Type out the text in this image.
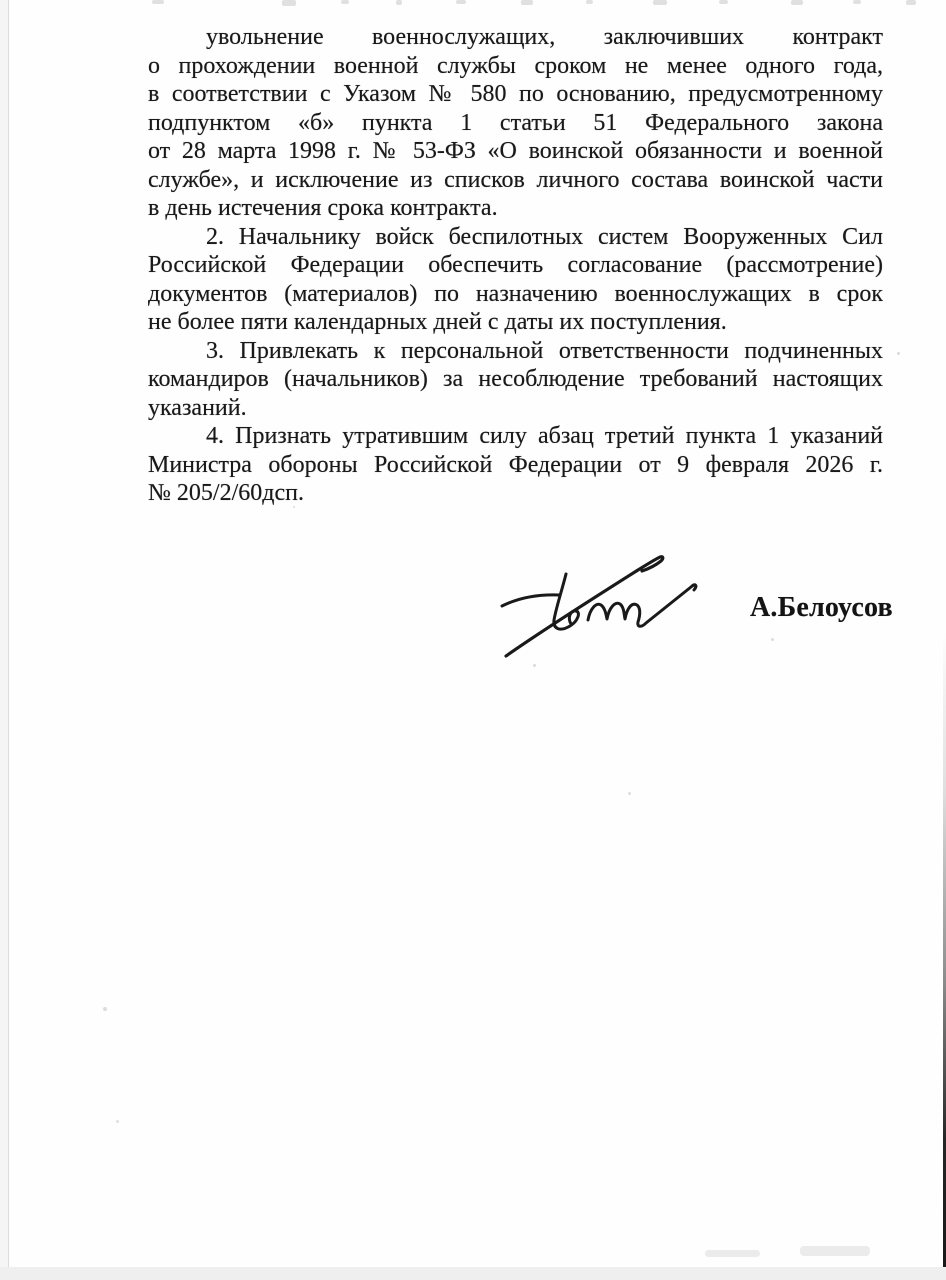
увольнение военнослужащих, заключивших контракт
о прохождении военной службы сроком не менее одного года,
в соответствии с Указом № 580 по основанию, предусмотренному
подпунктом «б» пункта 1 статьи 51 Федерального закона
от 28 марта 1998 г. № 53-ФЗ «О воинской обязанности и военной
службе», и исключение из списков личного состава воинской части
в день истечения срока контракта.
2. Начальнику войск беспилотных систем Вооруженных Сил
Российской Федерации обеспечить согласование (рассмотрение)
документов (материалов) по назначению военнослужащих в срок
не более пяти календарных дней с даты их поступления.
3. Привлекать к персональной ответственности подчиненных
командиров (начальников) за несоблюдение требований настоящих
указаний.
4. Признать утратившим силу абзац третий пункта 1 указаний
Министра обороны Российской Федерации от 9 февраля 2026 г.
№ 205/2/60дсп.
А.Белоусов
